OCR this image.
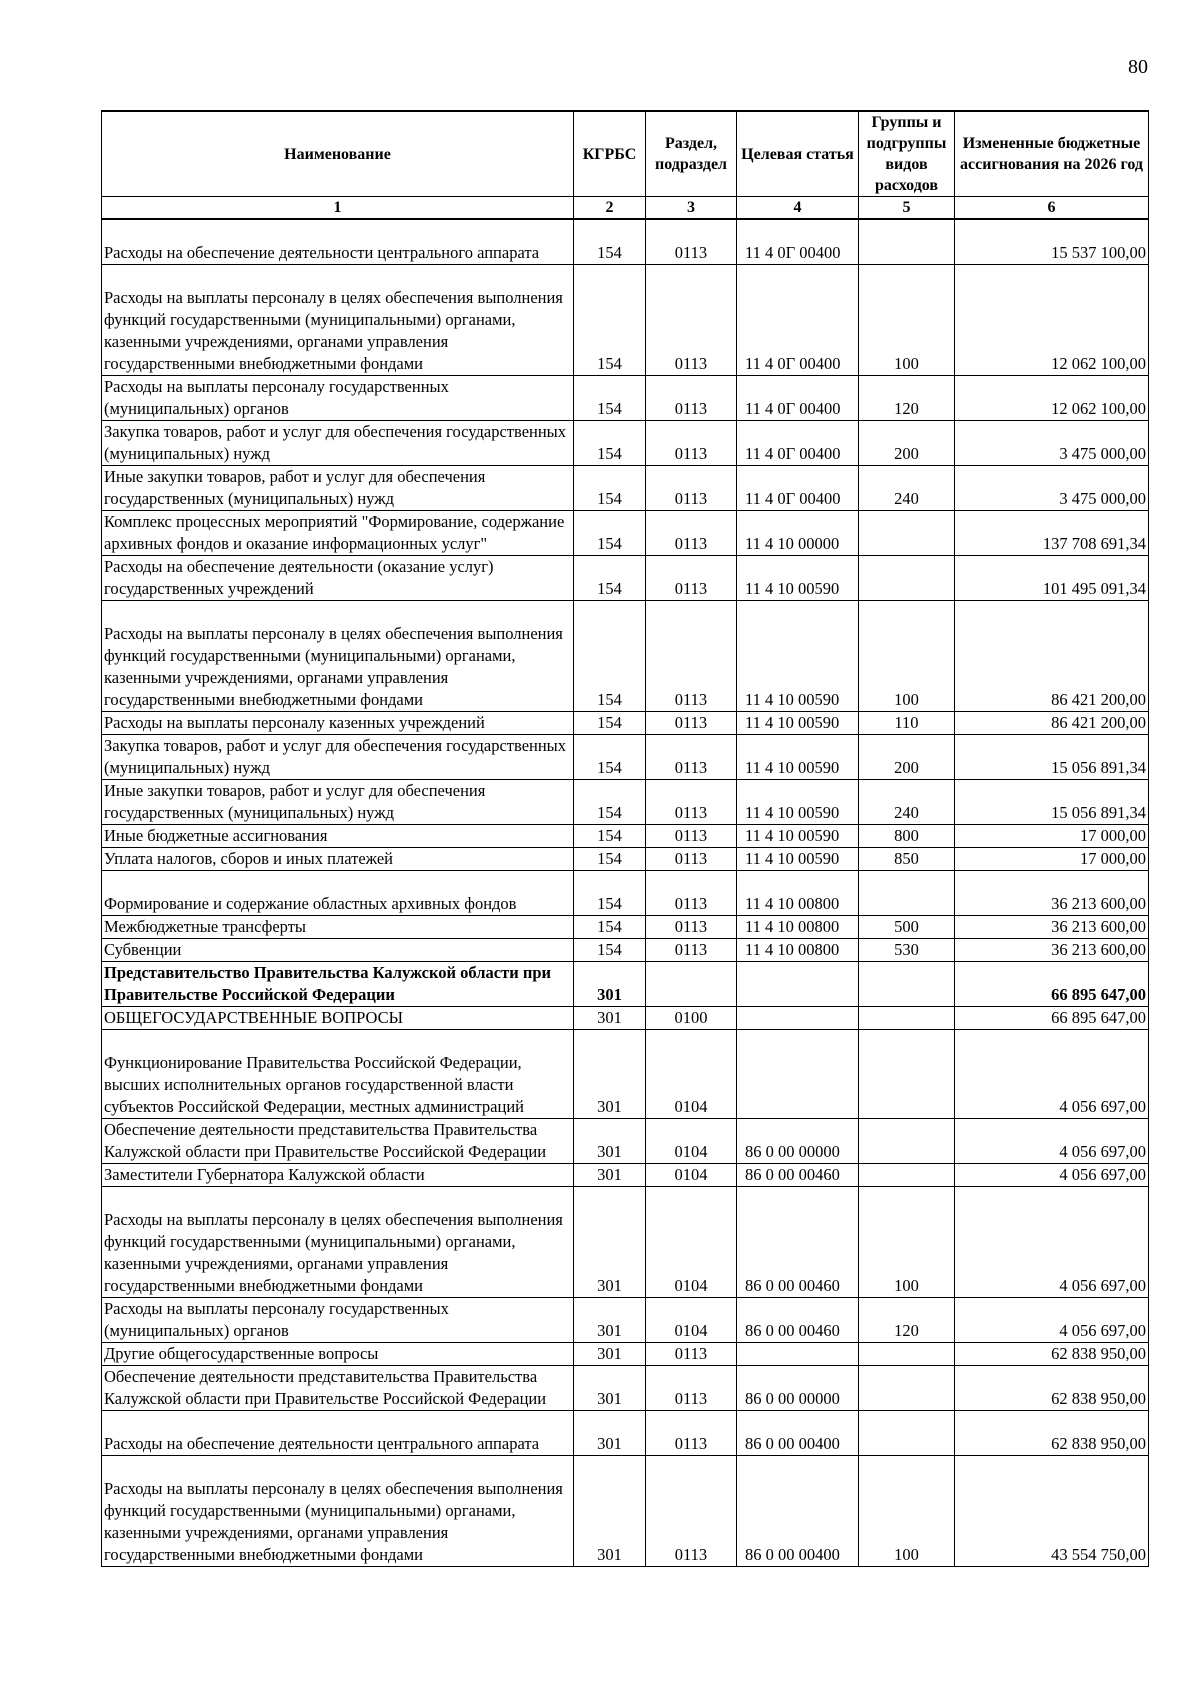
80
Наименование	КГРБС	Раздел, подраздел	Целевая статья	Группы и подгруппы видов расходов	Измененные бюджетные ассигнования на 2026 год
1	2	3	4	5	6
Расходы на обеспечение деятельности центрального аппарата	154	0113	11 4 0Г 00400		15 537 100,00
Расходы на выплаты персоналу в целях обеспечения выполнения функций государственными (муниципальными) органами, казенными учреждениями, органами управления государственными внебюджетными фондами	154	0113	11 4 0Г 00400	100	12 062 100,00
Расходы на выплаты персоналу государственных (муниципальных) органов	154	0113	11 4 0Г 00400	120	12 062 100,00
Закупка товаров, работ и услуг для обеспечения государственных (муниципальных) нужд	154	0113	11 4 0Г 00400	200	3 475 000,00
Иные закупки товаров, работ и услуг для обеспечения государственных (муниципальных) нужд	154	0113	11 4 0Г 00400	240	3 475 000,00
Комплекс процессных мероприятий "Формирование, содержание архивных фондов и оказание информационных услуг"	154	0113	11 4 10 00000		137 708 691,34
Расходы на обеспечение деятельности (оказание услуг) государственных учреждений	154	0113	11 4 10 00590		101 495 091,34
Расходы на выплаты персоналу в целях обеспечения выполнения функций государственными (муниципальными) органами, казенными учреждениями, органами управления государственными внебюджетными фондами	154	0113	11 4 10 00590	100	86 421 200,00
Расходы на выплаты персоналу казенных учреждений	154	0113	11 4 10 00590	110	86 421 200,00
Закупка товаров, работ и услуг для обеспечения государственных (муниципальных) нужд	154	0113	11 4 10 00590	200	15 056 891,34
Иные закупки товаров, работ и услуг для обеспечения государственных (муниципальных) нужд	154	0113	11 4 10 00590	240	15 056 891,34
Иные бюджетные ассигнования	154	0113	11 4 10 00590	800	17 000,00
Уплата налогов, сборов и иных платежей	154	0113	11 4 10 00590	850	17 000,00
Формирование и содержание областных архивных фондов	154	0113	11 4 10 00800		36 213 600,00
Межбюджетные трансферты	154	0113	11 4 10 00800	500	36 213 600,00
Субвенции	154	0113	11 4 10 00800	530	36 213 600,00
Представительство Правительства Калужской области при Правительстве Российской Федерации	301				66 895 647,00
ОБЩЕГОСУДАРСТВЕННЫЕ ВОПРОСЫ	301	0100			66 895 647,00
Функционирование Правительства Российской Федерации, высших исполнительных органов государственной власти субъектов Российской Федерации, местных администраций	301	0104			4 056 697,00
Обеспечение деятельности представительства Правительства Калужской области при Правительстве Российской Федерации	301	0104	86 0 00 00000		4 056 697,00
Заместители Губернатора Калужской области	301	0104	86 0 00 00460		4 056 697,00
Расходы на выплаты персоналу в целях обеспечения выполнения функций государственными (муниципальными) органами, казенными учреждениями, органами управления государственными внебюджетными фондами	301	0104	86 0 00 00460	100	4 056 697,00
Расходы на выплаты персоналу государственных (муниципальных) органов	301	0104	86 0 00 00460	120	4 056 697,00
Другие общегосударственные вопросы	301	0113			62 838 950,00
Обеспечение деятельности представительства Правительства Калужской области при Правительстве Российской Федерации	301	0113	86 0 00 00000		62 838 950,00
Расходы на обеспечение деятельности центрального аппарата	301	0113	86 0 00 00400		62 838 950,00
Расходы на выплаты персоналу в целях обеспечения выполнения функций государственными (муниципальными) органами, казенными учреждениями, органами управления государственными внебюджетными фондами	301	0113	86 0 00 00400	100	43 554 750,00
